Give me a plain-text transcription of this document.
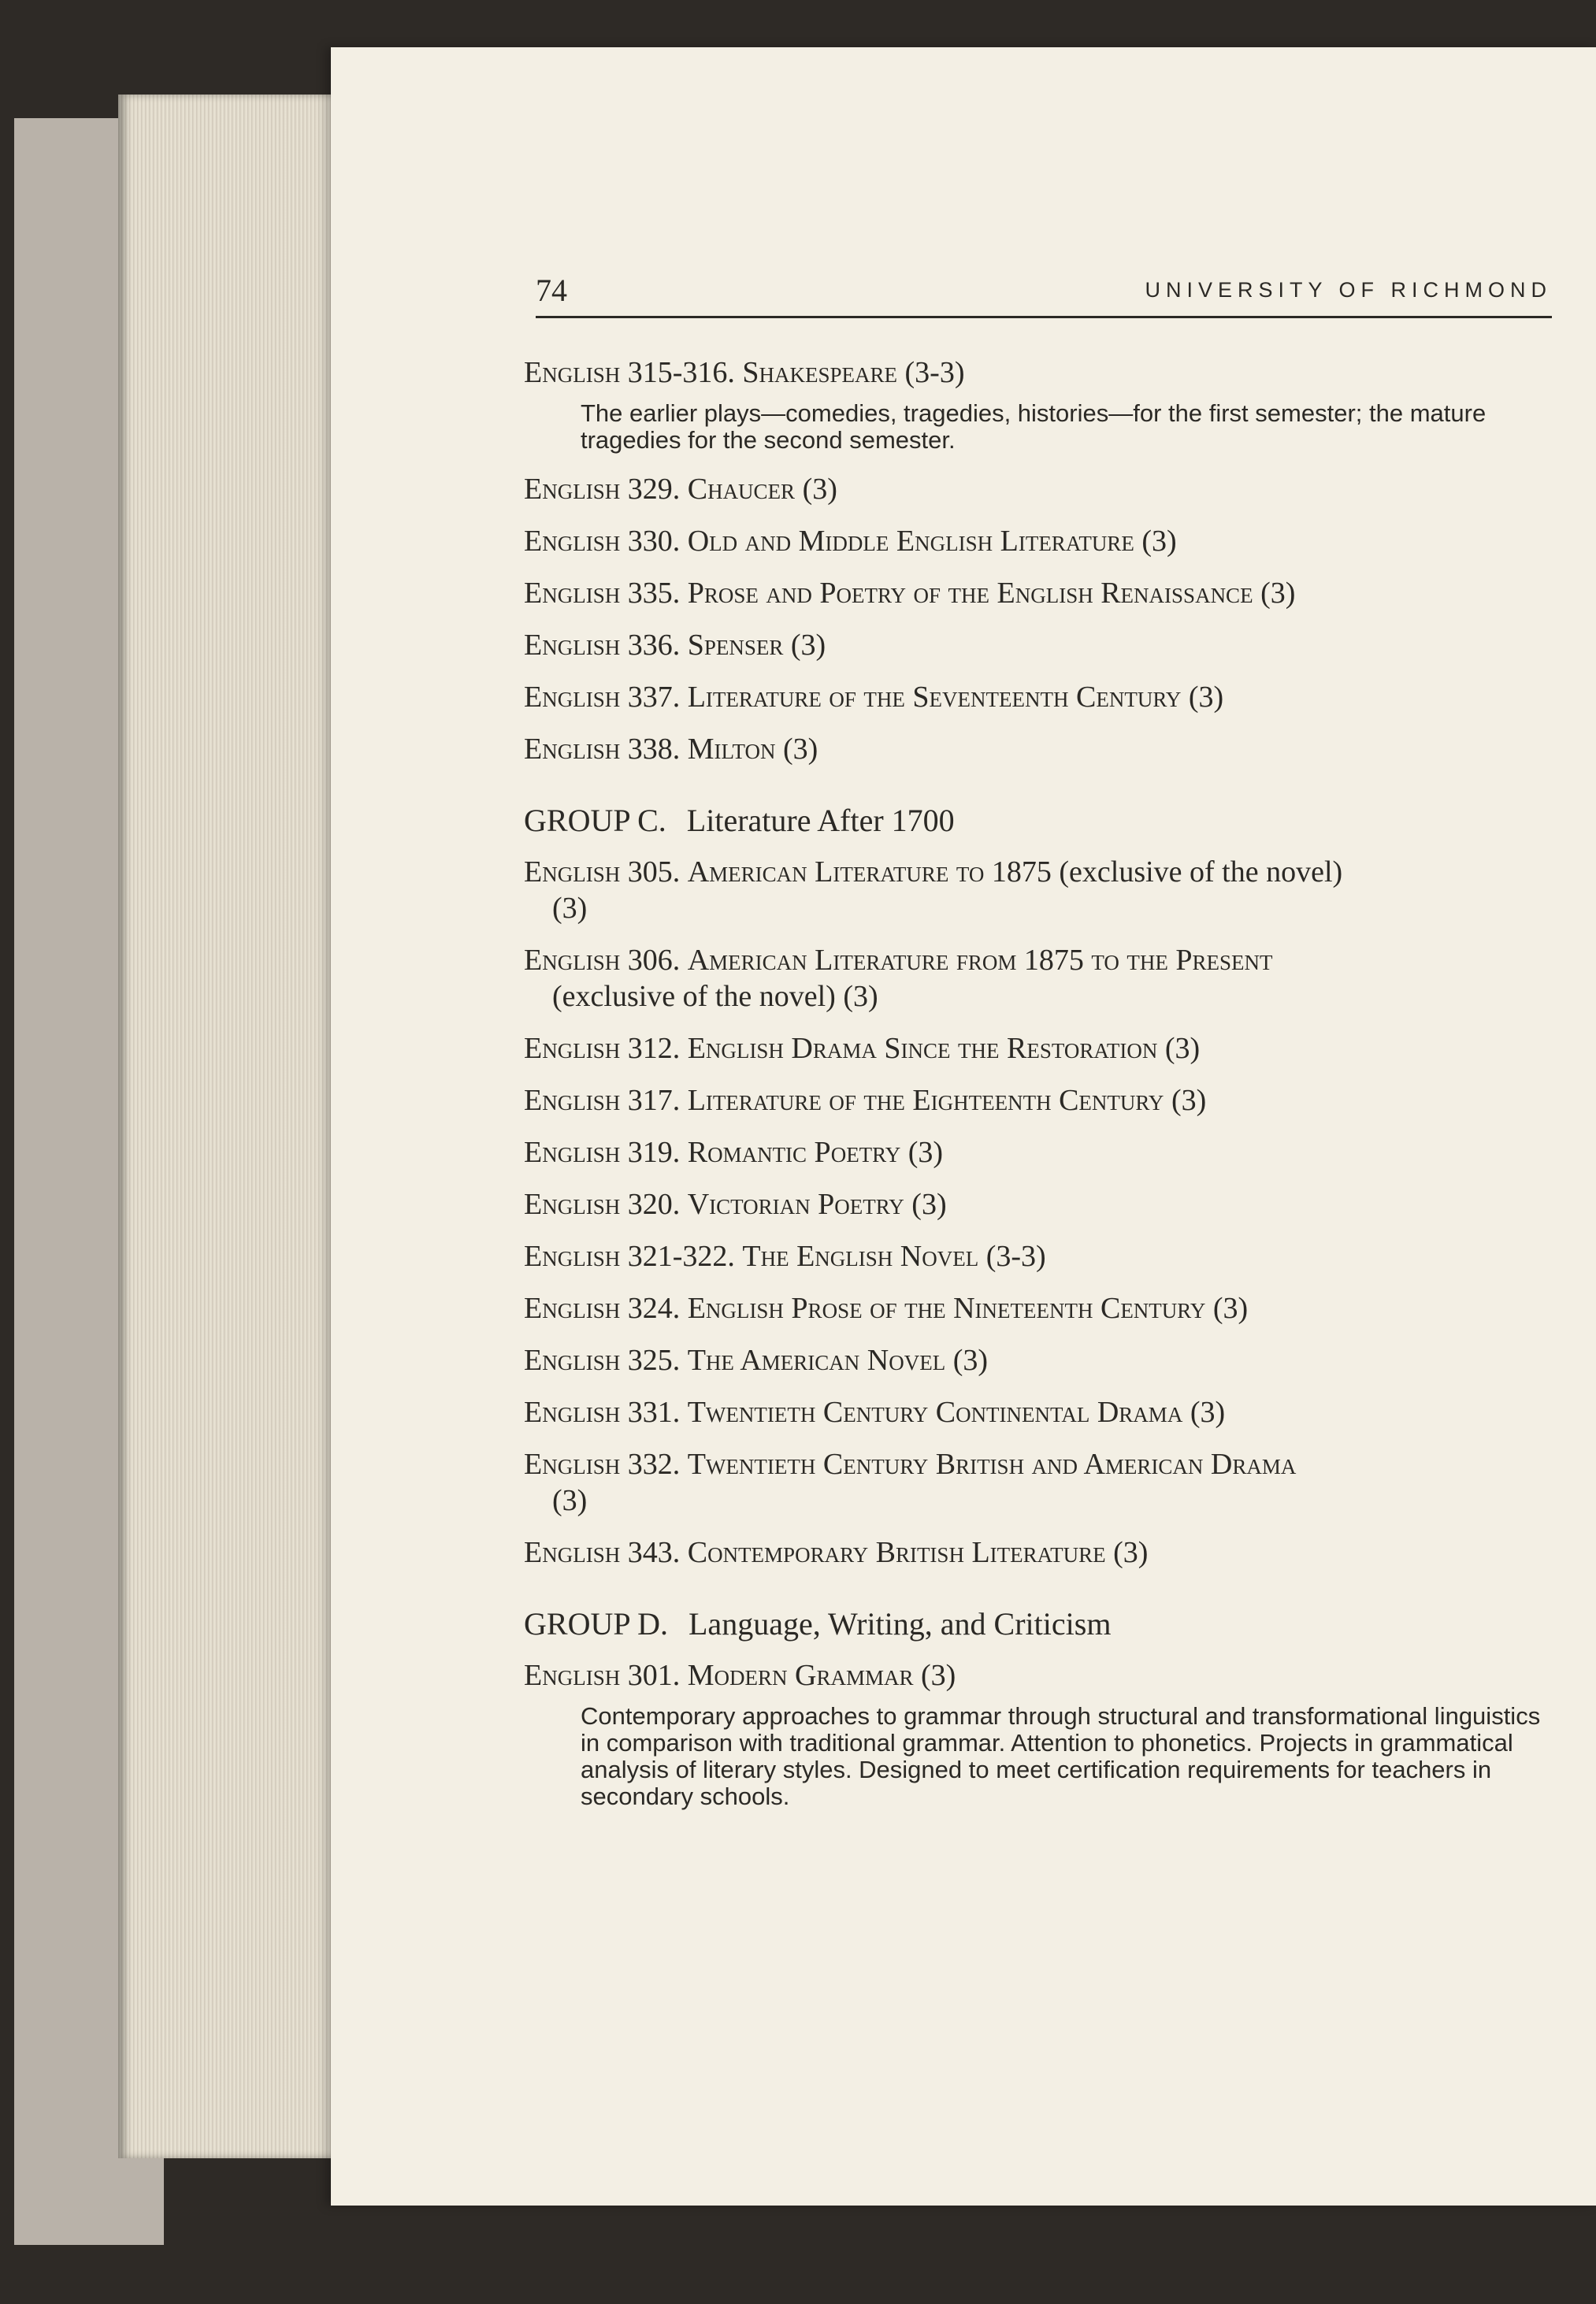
74	UNIVERSITY OF RICHMOND
English 315-316. Shakespeare (3-3)
The earlier plays—comedies, tragedies, histories—for the first semester; the mature tragedies for the second semester.
English 329. Chaucer (3)
English 330. Old and Middle English Literature (3)
English 335. Prose and Poetry of the English Renaissance (3)
English 336. Spenser (3)
English 337. Literature of the Seventeenth Century (3)
English 338. Milton (3)
GROUP C. Literature After 1700
English 305. American Literature to 1875 (exclusive of the novel)
(3)
English 306. American Literature from 1875 to the Present
(exclusive of the novel) (3)
English 312. English Drama Since the Restoration (3)
English 317. Literature of the Eighteenth Century (3)
English 319. Romantic Poetry (3)
English 320. Victorian Poetry (3)
English 321-322. The English Novel (3-3)
English 324. English Prose of the Nineteenth Century (3)
English 325. The American Novel (3)
English 331. Twentieth Century Continental Drama (3)
English 332. Twentieth Century British and American Drama
(3)
English 343. Contemporary British Literature (3)
GROUP D. Language, Writing, and Criticism
English 301. Modern Grammar (3)
Contemporary approaches to grammar through structural and transformational linguistics in comparison with traditional grammar. Attention to phonetics. Projects in grammatical analysis of literary styles. Designed to meet certification requirements for teachers in secondary schools.
